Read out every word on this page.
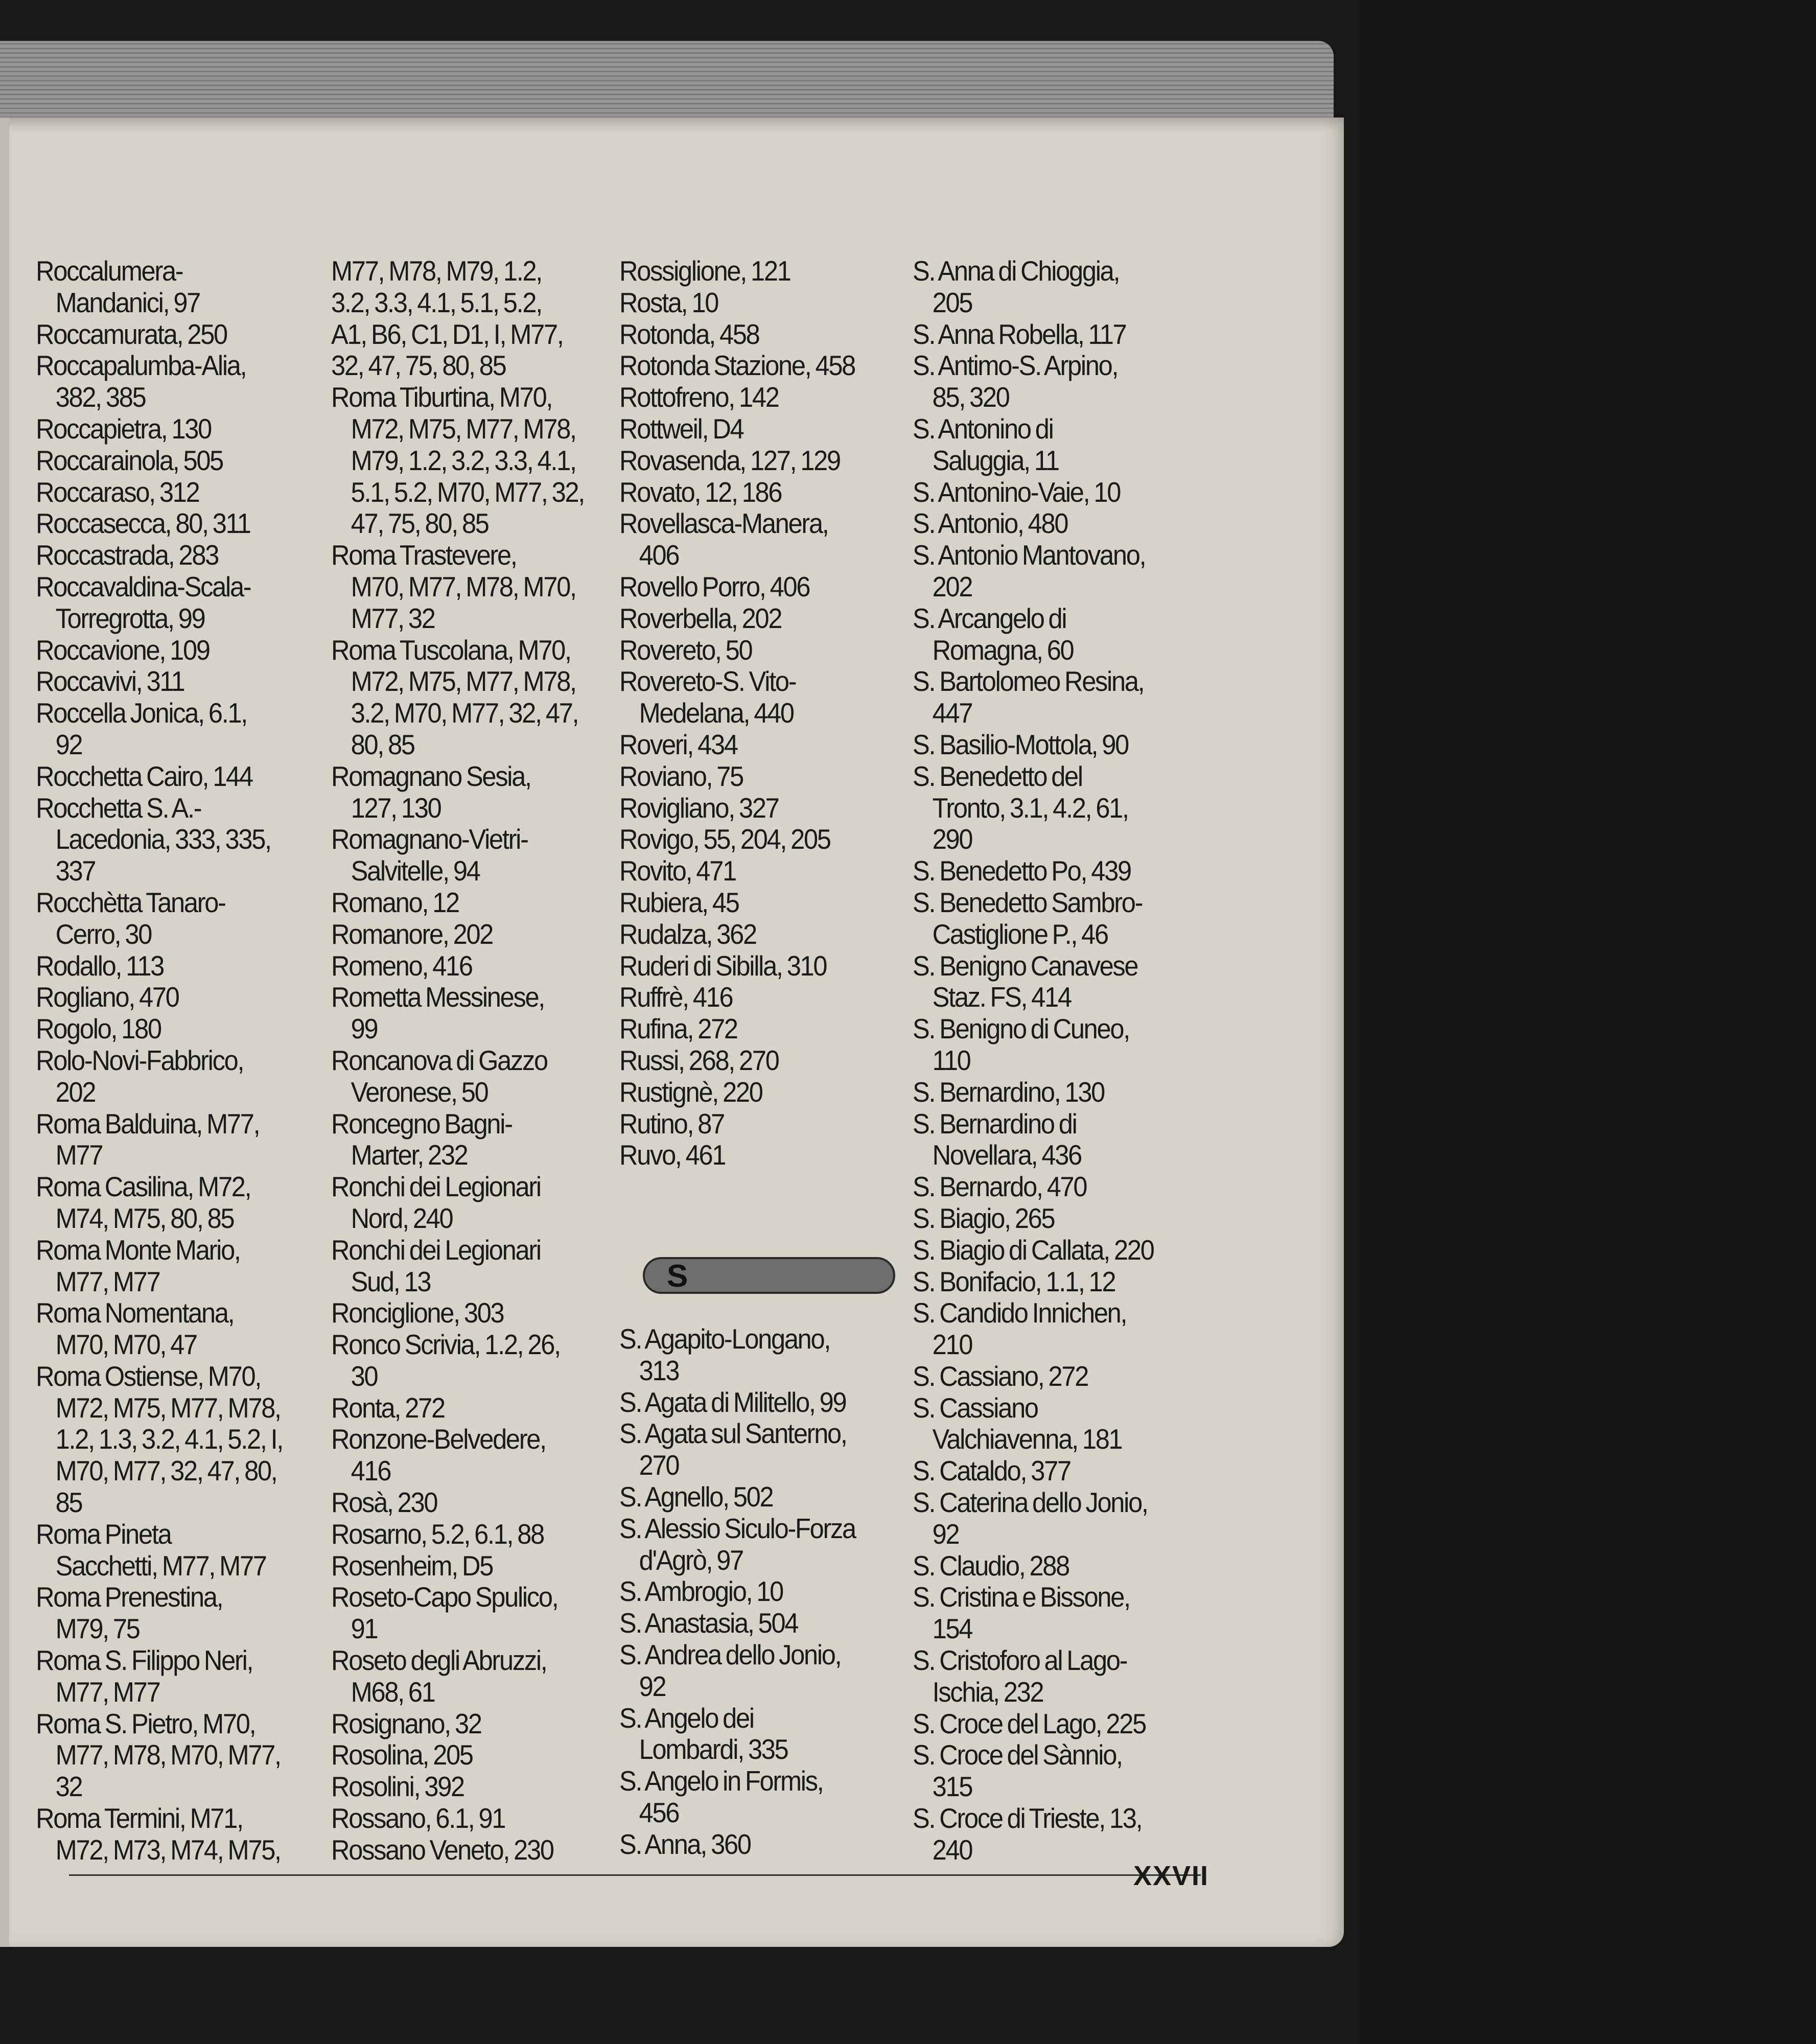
Roccalumera-
Mandanici, 97
Roccamurata, 250
Roccapalumba-Alia,
382, 385
Roccapietra, 130
Roccarainola, 505
Roccaraso, 312
Roccasecca, 80, 311
Roccastrada, 283
Roccavaldina-Scala-
Torregrotta, 99
Roccavione, 109
Roccavivi, 311
Roccella Jonica, 6.1,
92
Rocchetta Cairo, 144
Rocchetta S. A.-
Lacedonia, 333, 335,
337
Rocchètta Tanaro-
Cerro, 30
Rodallo, 113
Rogliano, 470
Rogolo, 180
Rolo-Novi-Fabbrico,
202
Roma Balduina, M77,
M77
Roma Casilina, M72,
M74, M75, 80, 85
Roma Monte Mario,
M77, M77
Roma Nomentana,
M70, M70, 47
Roma Ostiense, M70,
M72, M75, M77, M78,
1.2, 1.3, 3.2, 4.1, 5.2, I,
M70, M77, 32, 47, 80,
85
Roma Pineta
Sacchetti, M77, M77
Roma Prenestina,
M79, 75
Roma S. Filippo Neri,
M77, M77
Roma S. Pietro, M70,
M77, M78, M70, M77,
32
Roma Termini, M71,
M72, M73, M74, M75,
M77, M78, M79, 1.2,
3.2, 3.3, 4.1, 5.1, 5.2,
A1, B6, C1, D1, I, M77,
32, 47, 75, 80, 85
Roma Tiburtina, M70,
M72, M75, M77, M78,
M79, 1.2, 3.2, 3.3, 4.1,
5.1, 5.2, M70, M77, 32,
47, 75, 80, 85
Roma Trastevere,
M70, M77, M78, M70,
M77, 32
Roma Tuscolana, M70,
M72, M75, M77, M78,
3.2, M70, M77, 32, 47,
80, 85
Romagnano Sesia,
127, 130
Romagnano-Vietri-
Salvitelle, 94
Romano, 12
Romanore, 202
Romeno, 416
Rometta Messinese,
99
Roncanova di Gazzo
Veronese, 50
Roncegno Bagni-
Marter, 232
Ronchi dei Legionari
Nord, 240
Ronchi dei Legionari
Sud, 13
Ronciglione, 303
Ronco Scrivia, 1.2, 26,
30
Ronta, 272
Ronzone-Belvedere,
416
Rosà, 230
Rosarno, 5.2, 6.1, 88
Rosenheim, D5
Roseto-Capo Spulico,
91
Roseto degli Abruzzi,
M68, 61
Rosignano, 32
Rosolina, 205
Rosolini, 392
Rossano, 6.1, 91
Rossano Veneto, 230
Rossiglione, 121
Rosta, 10
Rotonda, 458
Rotonda Stazione, 458
Rottofreno, 142
Rottweil, D4
Rovasenda, 127, 129
Rovato, 12, 186
Rovellasca-Manera,
406
Rovello Porro, 406
Roverbella, 202
Rovereto, 50
Rovereto-S. Vito-
Medelana, 440
Roveri, 434
Roviano, 75
Rovigliano, 327
Rovigo, 55, 204, 205
Rovito, 471
Rubiera, 45
Rudalza, 362
Ruderi di Sibilla, 310
Ruffrè, 416
Rufina, 272
Russi, 268, 270
Rustignè, 220
Rutino, 87
Ruvo, 461
S. Agapito-Longano,
313
S. Agata di Militello, 99
S. Agata sul Santerno,
270
S. Agnello, 502
S. Alessio Siculo-Forza
d'Agrò, 97
S. Ambrogio, 10
S. Anastasia, 504
S. Andrea dello Jonio,
92
S. Angelo dei
Lombardi, 335
S. Angelo in Formis,
456
S. Anna, 360
S. Anna di Chioggia,
205
S. Anna Robella, 117
S. Antimo-S. Arpino,
85, 320
S. Antonino di
Saluggia, 11
S. Antonino-Vaie, 10
S. Antonio, 480
S. Antonio Mantovano,
202
S. Arcangelo di
Romagna, 60
S. Bartolomeo Resina,
447
S. Basilio-Mottola, 90
S. Benedetto del
Tronto, 3.1, 4.2, 61,
290
S. Benedetto Po, 439
S. Benedetto Sambro-
Castiglione P., 46
S. Benigno Canavese
Staz. FS, 414
S. Benigno di Cuneo,
110
S. Bernardino, 130
S. Bernardino di
Novellara, 436
S. Bernardo, 470
S. Biagio, 265
S. Biagio di Callata, 220
S. Bonifacio, 1.1, 12
S. Candido Innichen,
210
S. Cassiano, 272
S. Cassiano
Valchiavenna, 181
S. Cataldo, 377
S. Caterina dello Jonio,
92
S. Claudio, 288
S. Cristina e Bissone,
154
S. Cristoforo al Lago-
Ischia, 232
S. Croce del Lago, 225
S. Croce del Sànnio,
315
S. Croce di Trieste, 13,
240
S
XXVII
